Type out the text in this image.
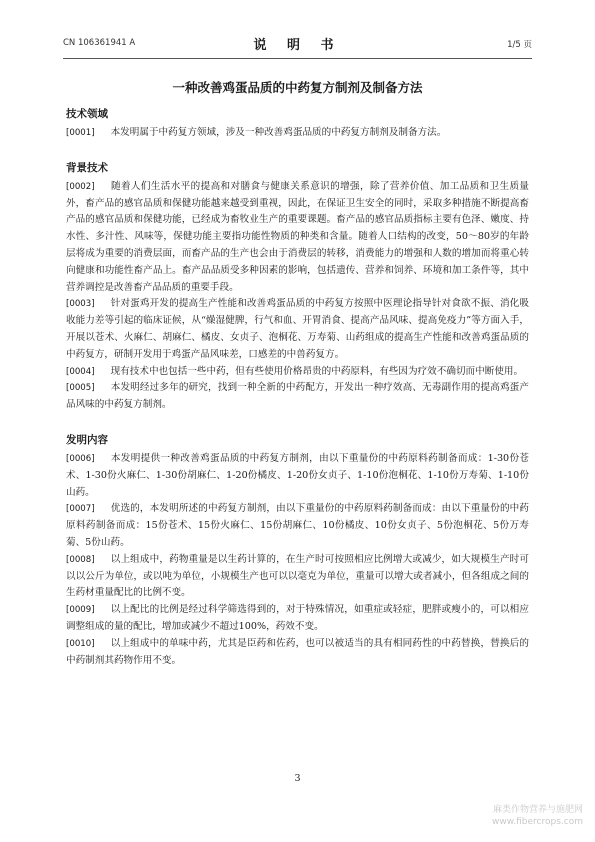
CN 106361941 A	说 明 书	1/5 页
一种改善鸡蛋品质的中药复方制剂及制备方法
技术领域

[0001] 本发明属于中药复方领域，涉及一种改善鸡蛋品质的中药复方制剂及制备方法。

背景技术

[0002] 随着人们生活水平的提高和对膳食与健康关系意识的增强，除了营养价值、加工品质和卫生质量外，畜产品的感官品质和保健功能越来越受到重视，因此，在保证卫生安全的同时，采取多种措施不断提高畜产品的感官品质和保健功能，已经成为畜牧业生产的重要课题。畜产品的感官品质指标主要有色泽、嫩度、持水性、多汁性、风味等，保健功能主要指功能性物质的种类和含量。随着人口结构的改变，50～80岁的年龄层将成为重要的消费层面，而畜产品的生产也会由于消费层的转移，消费能力的增强和人数的增加而将重心转向健康和功能性畜产品上。畜产品品质受多种因素的影响，包括遗传、营养和饲养、环境和加工条件等，其中营养调控是改善畜产品品质的重要手段。

[0003] 针对蛋鸡开发的提高生产性能和改善鸡蛋品质的中药复方按照中医理论指导针对食欲不振、消化吸收能力差等引起的临床证候，从“燥湿健脾，行气和血、开胃消食、提高产品风味、提高免疫力”等方面入手，开展以苍术、火麻仁、胡麻仁、橘皮、女贞子、泡桐花、万寿菊、山药组成的提高生产性能和改善鸡蛋品质的中药复方，研制开发用于鸡蛋产品风味差，口感差的中兽药复方。

[0004] 现有技术中也包括一些中药，但有些使用价格昂贵的中药原料，有些因为疗效不确切而中断使用。

[0005] 本发明经过多年的研究，找到一种全新的中药配方，开发出一种疗效高、无毒副作用的提高鸡蛋产品风味的中药复方制剂。

发明内容

[0006] 本发明提供一种改善鸡蛋品质的中药复方制剂，由以下重量份的中药原料药制备而成：1-30份苍术、1-30份火麻仁、1-30份胡麻仁、1-20份橘皮、1-20份女贞子、1-10份泡桐花、1-10份万寿菊、1-10份山药。

[0007] 优选的，本发明所述的中药复方制剂，由以下重量份的中药原料药制备而成：由以下重量份的中药原料药制备而成：15份苍术、15份火麻仁、15份胡麻仁、10份橘皮、10份女贞子、5份泡桐花、5份万寿菊、5份山药。

[0008] 以上组成中，药物重量是以生药计算的，在生产时可按照相应比例增大或减少，如大规模生产时可以以公斤为单位，或以吨为单位，小规模生产也可以以毫克为单位，重量可以增大或者减小，但各组成之间的生药材重量配比的比例不变。

[0009] 以上配比的比例是经过科学筛选得到的，对于特殊情况，如重症或轻症，肥胖或瘦小的，可以相应调整组成的量的配比，增加或减少不超过100%，药效不变。

[0010] 以上组成中的单味中药，尤其是臣药和佐药，也可以被适当的具有相同药性的中药替换，替换后的中药制剂其药物作用不变。

3
麻类作物营养与施肥网
www.fibercrops.com
